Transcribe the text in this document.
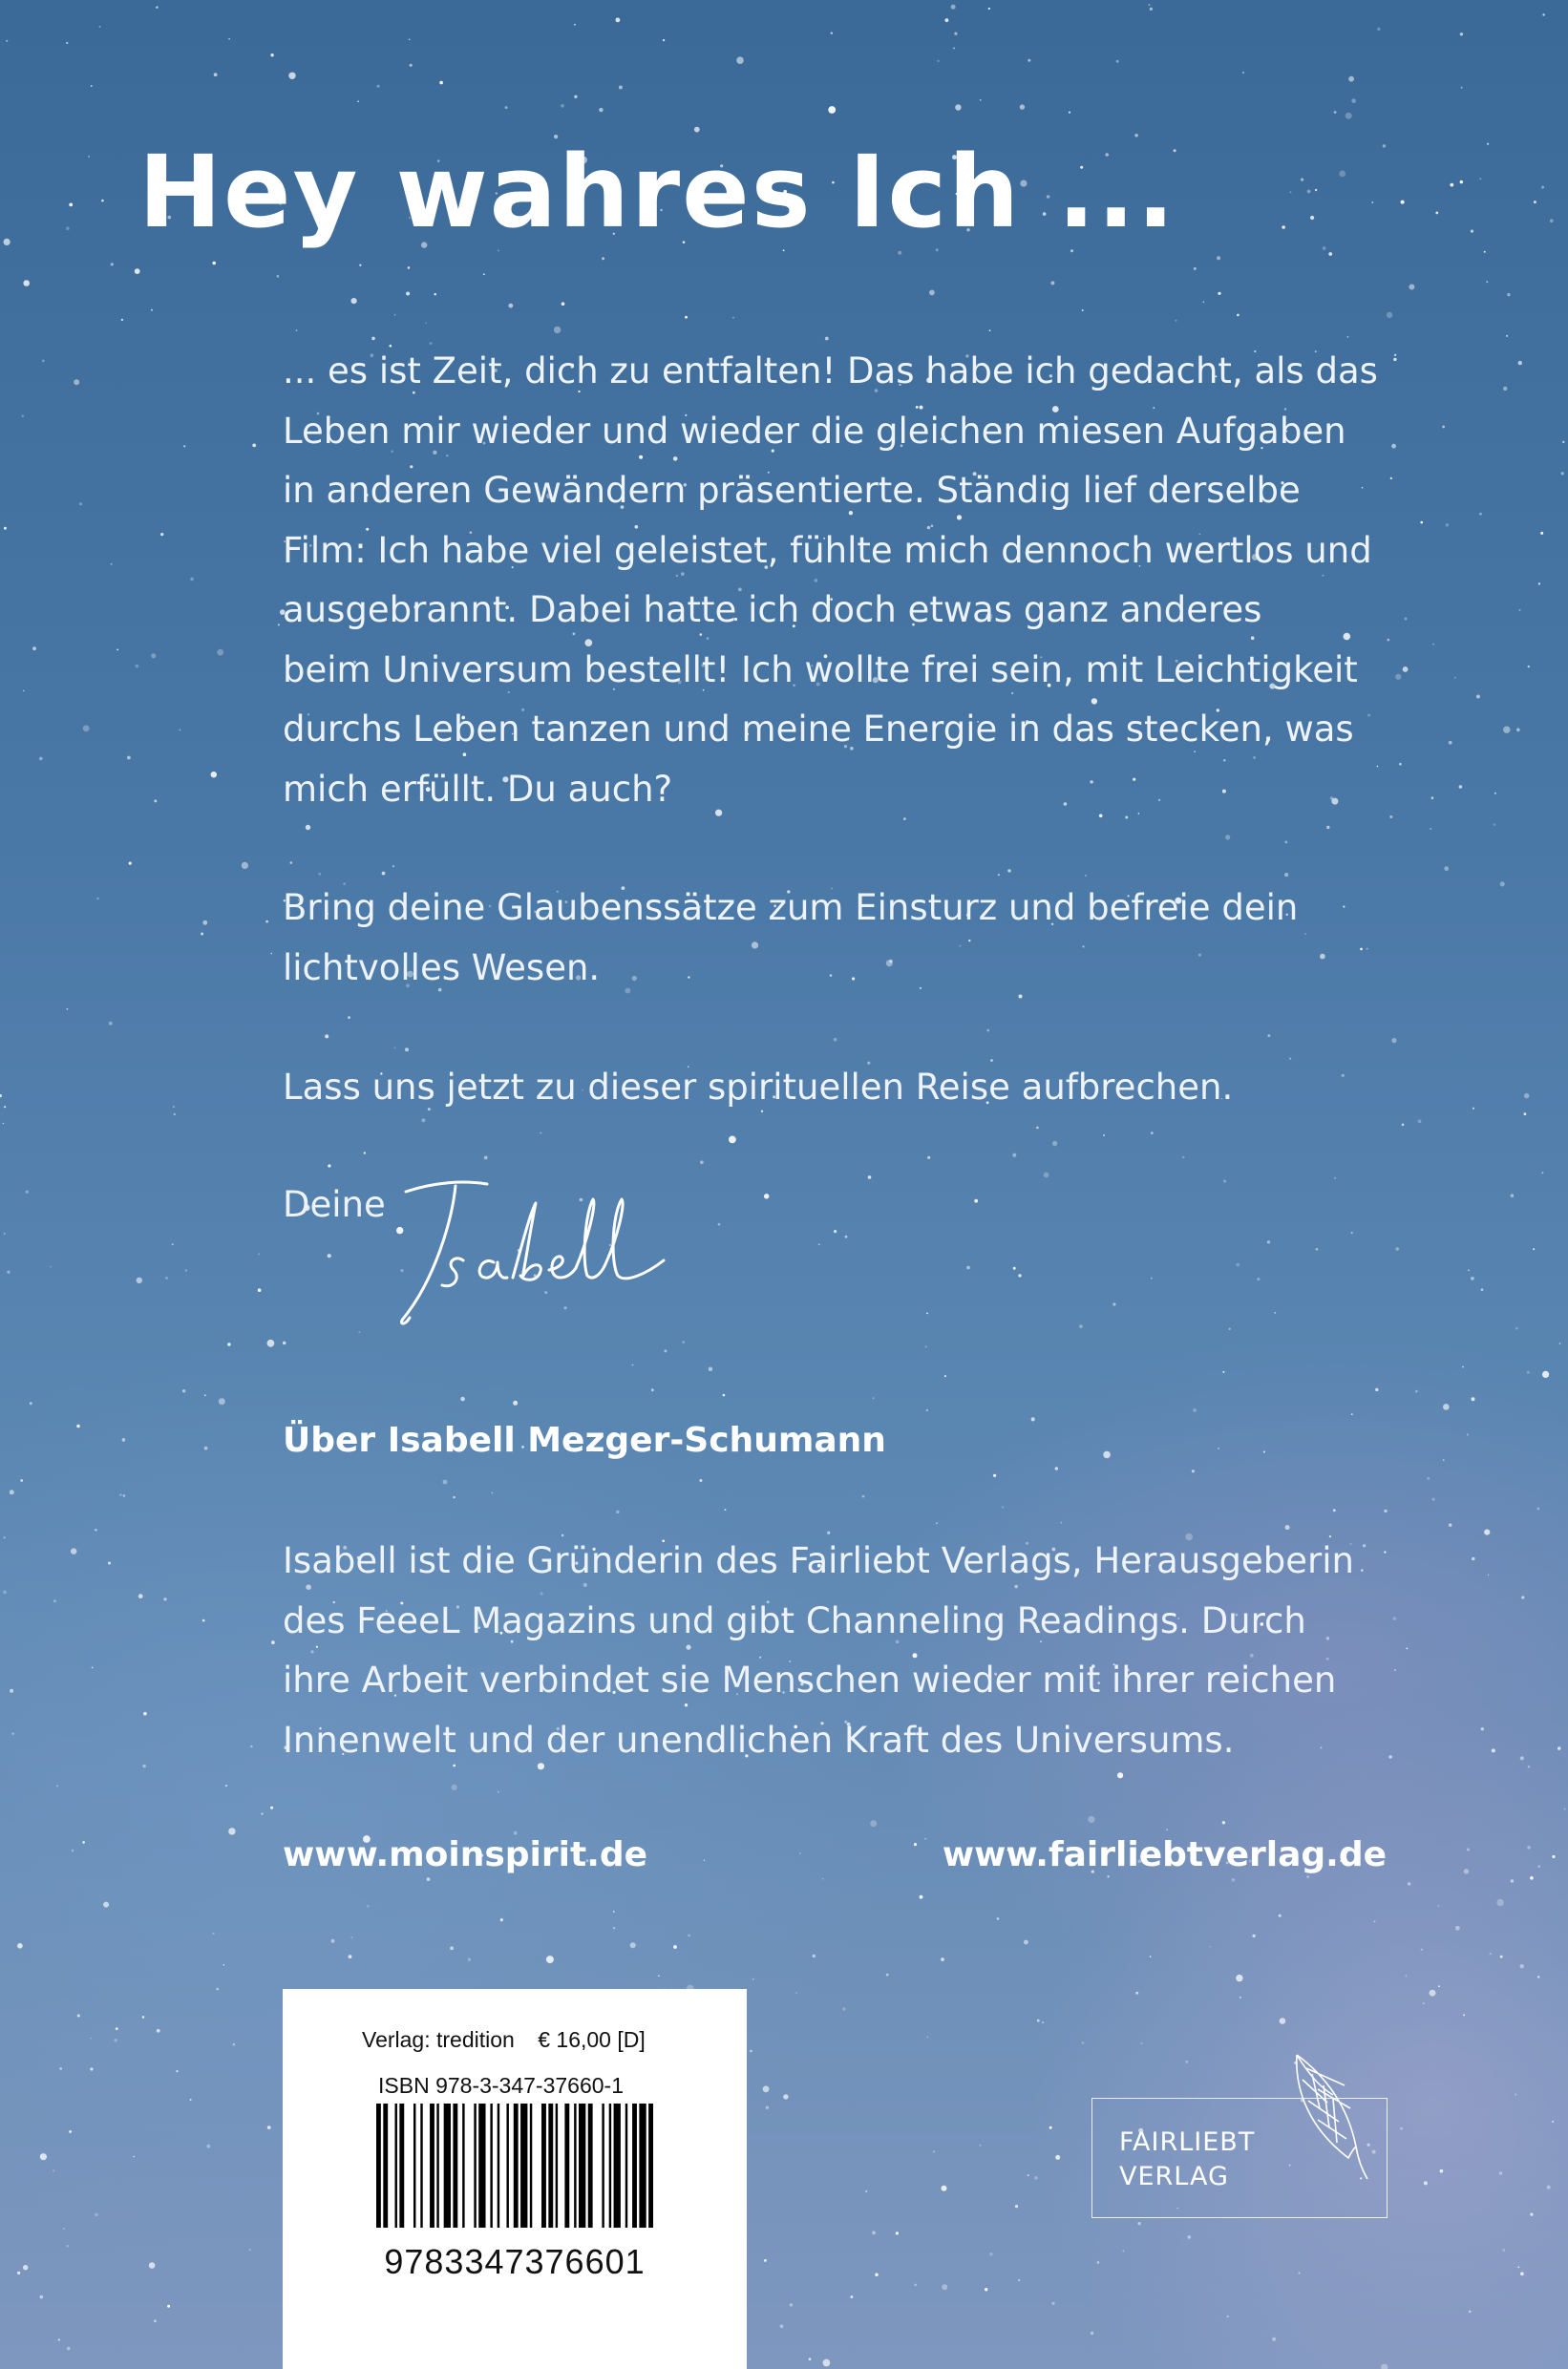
Hey wahres Ich ...

... es ist Zeit, dich zu entfalten! Das habe ich gedacht, als das
Leben mir wieder und wieder die gleichen miesen Aufgaben
in anderen Gewändern präsentierte. Ständig lief derselbe
Film: Ich habe viel geleistet, fühlte mich dennoch wertlos und
ausgebrannt. Dabei hatte ich doch etwas ganz anderes
beim Universum bestellt! Ich wollte frei sein, mit Leichtigkeit
durchs Leben tanzen und meine Energie in das stecken, was
mich erfüllt. Du auch?

Bring deine Glaubenssätze zum Einsturz und befreie dein
lichtvolles Wesen.

Lass uns jetzt zu dieser spirituellen Reise aufbrechen.

Deine
Über Isabell Mezger-Schumann

Isabell ist die Gründerin des Fairliebt Verlags, Herausgeberin
des FeeeL Magazins und gibt Channeling Readings. Durch
ihre Arbeit verbindet sie Menschen wieder mit ihrer reichen
Innenwelt und der unendlichen Kraft des Universums.

www.moinspirit.de	www.fairliebtverlag.de
Verlag: tredition € 16,00 [D]
ISBN 978-3-347-37660-1
9783347376601
FAIRLIEBT
VERLAG
